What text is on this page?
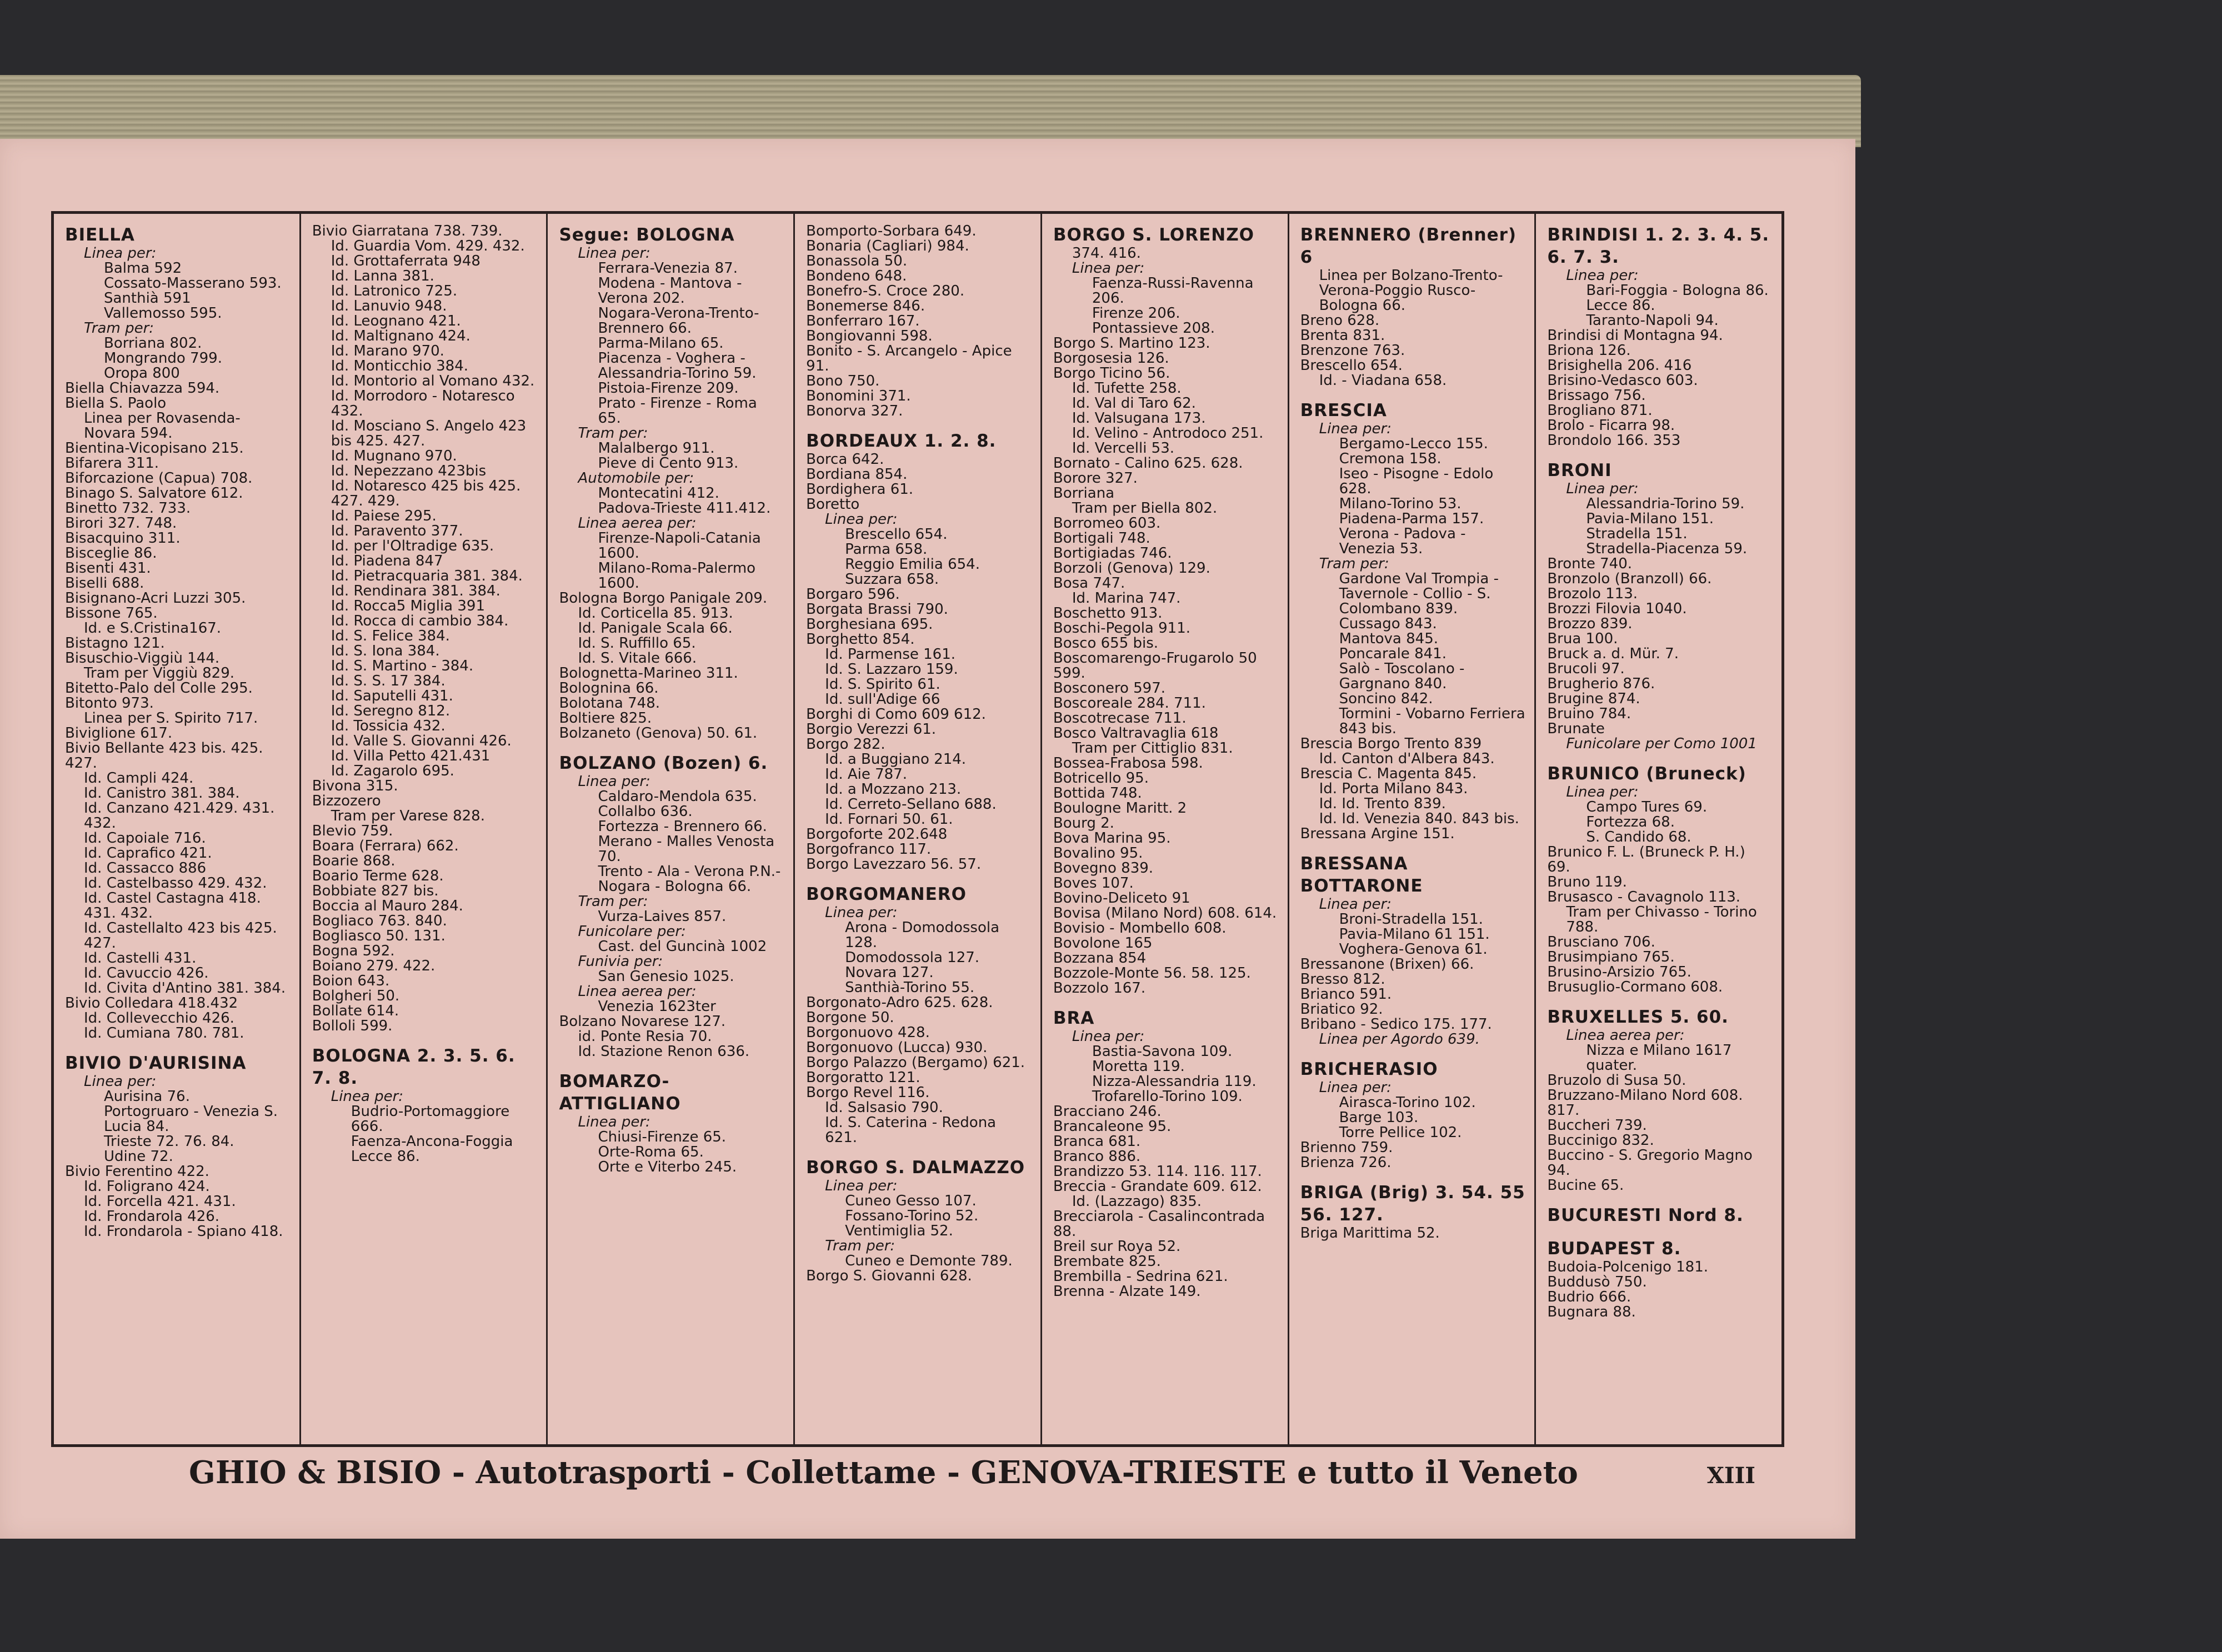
BIELLA

Linea per:

Balma 592

Cossato-Masserano 593.

Santhià 591

Vallemosso 595.

Tram per:

Borriana 802.

Mongrando 799.

Oropa 800

Biella Chiavazza 594.

Biella S. Paolo

Linea per Rovasenda-Novara 594.

Bientina-Vicopisano 215.

Bifarera 311.

Biforcazione (Capua) 708.

Binago S. Salvatore 612.

Binetto 732. 733.

Birori 327. 748.

Bisacquino 311.

Bisceglie 86.

Bisenti 431.

Biselli 688.

Bisignano-Acri Luzzi 305.

Bissone 765.

Id. e S.Cristina167.

Bistagno 121.

Bisuschio-Viggiù 144.

Tram per Viggiù 829.

Bitetto-Palo del Colle 295.

Bitonto 973.

Linea per S. Spirito 717.

Biviglione 617.

Bivio Bellante 423 bis. 425. 427.

Id. Campli 424.

Id. Canistro 381. 384.

Id. Canzano 421.429. 431. 432.

Id. Capoiale 716.

Id. Caprafico 421.

Id. Cassacco 886

Id. Castelbasso 429. 432.

Id. Castel Castagna 418. 431. 432.

Id. Castellalto 423 bis 425. 427.

Id. Castelli 431.

Id. Cavuccio 426.

Id. Civita d'Antino 381. 384.

Bivio Colledara 418.432

Id. Collevecchio 426.

Id. Cumiana 780. 781.

BIVIO D'AURISINA

Linea per:

Aurisina 76.

Portogruaro - Venezia S. Lucia 84.

Trieste 72. 76. 84.

Udine 72.

Bivio Ferentino 422.

Id. Foligrano 424.

Id. Forcella 421. 431.

Id. Frondarola 426.

Id. Frondarola - Spiano 418.

Bivio Giarratana 738. 739.

Id. Guardia Vom. 429. 432.

Id. Grottaferrata 948

Id. Lanna 381.

Id. Latronico 725.

Id. Lanuvio 948.

Id. Leognano 421.

Id. Maltignano 424.

Id. Marano 970.

Id. Monticchio 384.

Id. Montorio al Vomano 432.

Id. Morrodoro - Notaresco 432.

Id. Mosciano S. Angelo 423 bis 425. 427.

Id. Mugnano 970.

Id. Nepezzano 423bis

Id. Notaresco 425 bis 425. 427. 429.

Id. Paiese 295.

Id. Paravento 377.

Id. per l'Oltradige 635.

Id. Piadena 847

Id. Pietracquaria 381. 384.

Id. Rendinara 381. 384.

Id. Rocca5 Miglia 391

Id. Rocca di cambio 384.

Id. S. Felice 384.

Id. S. Iona 384.

Id. S. Martino - 384.

Id. S. S. 17 384.

Id. Saputelli 431.

Id. Seregno 812.

Id. Tossicia 432.

Id. Valle S. Giovanni 426.

Id. Villa Petto 421.431

Id. Zagarolo 695.

Bivona 315.

Bizzozero

Tram per Varese 828.

Blevio 759.

Boara (Ferrara) 662.

Boarie 868.

Boario Terme 628.

Bobbiate 827 bis.

Boccia al Mauro 284.

Bogliaco 763. 840.

Bogliasco 50. 131.

Bogna 592.

Boiano 279. 422.

Boion 643.

Bolgheri 50.

Bollate 614.

Bolloli 599.

BOLOGNA 2. 3. 5. 6. 7. 8.

Linea per:

Budrio-Portomaggiore 666.

Faenza-Ancona-Foggia Lecce 86.

Segue: BOLOGNA

Linea per:

Ferrara-Venezia 87.

Modena - Mantova - Verona 202.

Nogara-Verona-Trento-Brennero 66.

Parma-Milano 65.

Piacenza - Voghera - Alessandria-Torino 59.

Pistoia-Firenze 209.

Prato - Firenze - Roma 65.

Tram per:

Malalbergo 911.

Pieve di Cento 913.

Automobile per:

Montecatini 412.

Padova-Trieste 411.412.

Linea aerea per:

Firenze-Napoli-Catania 1600.

Milano-Roma-Palermo 1600.

Bologna Borgo Panigale 209.

Id. Corticella 85. 913.

Id. Panigale Scala 66.

Id. S. Ruffillo 65.

Id. S. Vitale 666.

Bolognetta-Marineo 311.

Bolognina 66.

Bolotana 748.

Boltiere 825.

Bolzaneto (Genova) 50. 61.

BOLZANO (Bozen) 6.

Linea per:

Caldaro-Mendola 635.

Collalbo 636.

Fortezza - Brennero 66.

Merano - Malles Venosta 70.

Trento - Ala - Verona P.N.-Nogara - Bologna 66.

Tram per:

Vurza-Laives 857.

Funicolare per:

Cast. del Guncinà 1002

Funivia per:

San Genesio 1025.

Linea aerea per:

Venezia 1623ter

Bolzano Novarese 127.

id. Ponte Resia 70.

Id. Stazione Renon 636.

BOMARZO-ATTIGLIANO

Linea per:

Chiusi-Firenze 65.

Orte-Roma 65.

Orte e Viterbo 245.

Bomporto-Sorbara 649.

Bonaria (Cagliari) 984.

Bonassola 50.

Bondeno 648.

Bonefro-S. Croce 280.

Bonemerse 846.

Bonferraro 167.

Bongiovanni 598.

Bonito - S. Arcangelo - Apice 91.

Bono 750.

Bonomini 371.

Bonorva 327.

BORDEAUX 1. 2. 8.

Borca 642.

Bordiana 854.

Bordighera 61.

Boretto

Linea per:

Brescello 654.

Parma 658.

Reggio Emilia 654.

Suzzara 658.

Borgaro 596.

Borgata Brassi 790.

Borghesiana 695.

Borghetto 854.

Id. Parmense 161.

Id. S. Lazzaro 159.

Id. S. Spirito 61.

Id. sull'Adige 66

Borghi di Como 609 612.

Borgio Verezzi 61.

Borgo 282.

Id. a Buggiano 214.

Id. Aie 787.

Id. a Mozzano 213.

Id. Cerreto-Sellano 688.

Id. Fornari 50. 61.

Borgoforte 202.648

Borgofranco 117.

Borgo Lavezzaro 56. 57.

BORGOMANERO

Linea per:

Arona - Domodossola 128.

Domodossola 127.

Novara 127.

Santhià-Torino 55.

Borgonato-Adro 625. 628.

Borgone 50.

Borgonuovo 428.

Borgonuovo (Lucca) 930.

Borgo Palazzo (Bergamo) 621.

Borgoratto 121.

Borgo Revel 116.

Id. Salsasio 790.

Id. S. Caterina - Redona 621.

BORGO S. DALMAZZO

Linea per:

Cuneo Gesso 107.

Fossano-Torino 52.

Ventimiglia 52.

Tram per:

Cuneo e Demonte 789.

Borgo S. Giovanni 628.

BORGO S. LORENZO

374. 416.

Linea per:

Faenza-Russi-Ravenna 206.

Firenze 206.

Pontassieve 208.

Borgo S. Martino 123.

Borgosesia 126.

Borgo Ticino 56.

Id. Tufette 258.

Id. Val di Taro 62.

Id. Valsugana 173.

Id. Velino - Antrodoco 251.

Id. Vercelli 53.

Bornato - Calino 625. 628.

Borore 327.

Borriana

Tram per Biella 802.

Borromeo 603.

Bortigali 748.

Bortigiadas 746.

Borzoli (Genova) 129.

Bosa 747.

Id. Marina 747.

Boschetto 913.

Boschi-Pegola 911.

Bosco 655 bis.

Boscomarengo-Frugarolo 50 599.

Bosconero 597.

Boscoreale 284. 711.

Boscotrecase 711.

Bosco Valtravaglia 618

Tram per Cittiglio 831.

Bossea-Frabosa 598.

Botricello 95.

Bottida 748.

Boulogne Maritt. 2

Bourg 2.

Bova Marina 95.

Bovalino 95.

Bovegno 839.

Boves 107.

Bovino-Deliceto 91

Bovisa (Milano Nord) 608. 614.

Bovisio - Mombello 608.

Bovolone 165

Bozzana 854

Bozzole-Monte 56. 58. 125.

Bozzolo 167.

BRA

Linea per:

Bastia-Savona 109.

Moretta 119.

Nizza-Alessandria 119.

Trofarello-Torino 109.

Bracciano 246.

Brancaleone 95.

Branca 681.

Branco 886.

Brandizzo 53. 114. 116. 117.

Breccia - Grandate 609. 612.

Id. (Lazzago) 835.

Brecciarola - Casalincontrada 88.

Breil sur Roya 52.

Brembate 825.

Brembilla - Sedrina 621.

Brenna - Alzate 149.

BRENNERO (Brenner) 6

Linea per Bolzano-Trento-Verona-Poggio Rusco-Bologna 66.

Breno 628.

Brenta 831.

Brenzone 763.

Brescello 654.

Id. - Viadana 658.

BRESCIA

Linea per:

Bergamo-Lecco 155.

Cremona 158.

Iseo - Pisogne - Edolo 628.

Milano-Torino 53.

Piadena-Parma 157.

Verona - Padova - Venezia 53.

Tram per:

Gardone Val Trompia - Tavernole - Collio - S. Colombano 839.

Cussago 843.

Mantova 845.

Poncarale 841.

Salò - Toscolano - Gargnano 840.

Soncino 842.

Tormini - Vobarno Ferriera 843 bis.

Brescia Borgo Trento 839

Id. Canton d'Albera 843.

Brescia C. Magenta 845.

Id. Porta Milano 843.

Id. Id. Trento 839.

Id. Id. Venezia 840. 843 bis.

Bressana Argine 151.

BRESSANA BOTTARONE

Linea per:

Broni-Stradella 151.

Pavia-Milano 61 151.

Voghera-Genova 61.

Bressanone (Brixen) 66.

Bresso 812.

Brianco 591.

Briatico 92.

Bribano - Sedico 175. 177.

Linea per Agordo 639.

BRICHERASIO

Linea per:

Airasca-Torino 102.

Barge 103.

Torre Pellice 102.

Brienno 759.

Brienza 726.

BRIGA (Brig) 3. 54. 55 56. 127.

Briga Marittima 52.

BRINDISI 1. 2. 3. 4. 5. 6. 7. 3.

Linea per:

Bari-Foggia - Bologna 86.

Lecce 86.

Taranto-Napoli 94.

Brindisi di Montagna 94.

Briona 126.

Brisighella 206. 416

Brisino-Vedasco 603.

Brissago 756.

Brogliano 871.

Brolo - Ficarra 98.

Brondolo 166. 353

BRONI

Linea per:

Alessandria-Torino 59.

Pavia-Milano 151.

Stradella 151.

Stradella-Piacenza 59.

Bronte 740.

Bronzolo (Branzoll) 66.

Brozolo 113.

Brozzi Filovia 1040.

Brozzo 839.

Brua 100.

Bruck a. d. Mür. 7.

Brucoli 97.

Brugherio 876.

Brugine 874.

Bruino 784.

Brunate

Funicolare per Como 1001

BRUNICO (Bruneck)

Linea per:

Campo Tures 69.

Fortezza 68.

S. Candido 68.

Brunico F. L. (Bruneck P. H.) 69.

Bruno 119.

Brusasco - Cavagnolo 113.

Tram per Chivasso - Torino 788.

Brusciano 706.

Brusimpiano 765.

Brusino-Arsizio 765.

Brusuglio-Cormano 608.

BRUXELLES 5. 60.

Linea aerea per:

Nizza e Milano 1617 quater.

Bruzolo di Susa 50.

Bruzzano-Milano Nord 608. 817.

Buccheri 739.

Buccinigo 832.

Buccino - S. Gregorio Magno 94.

Bucine 65.

BUCURESTI Nord 8.

BUDAPEST 8.

Budoia-Polcenigo 181.

Buddusò 750.

Budrio 666.

Bugnara 88.

GHIO & BISIO - Autotrasporti - Collettame - GENOVA-TRIESTE e tutto il Veneto	XIII
